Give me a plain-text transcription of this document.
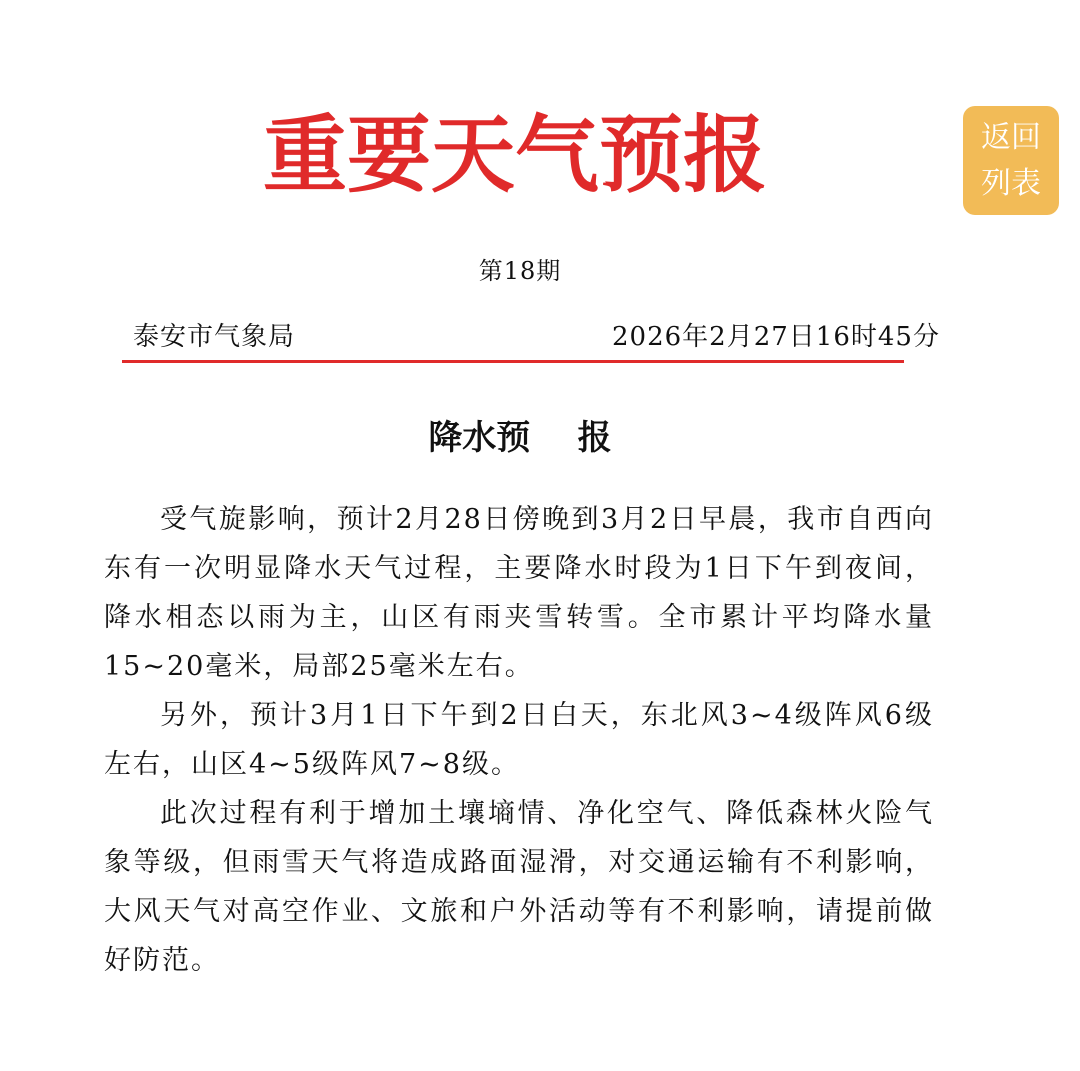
重要天气预报	返回
列表
第18期
泰安市气象局	2026年2月27日16时45分
降水预    报

受气旋影响，预计2月28日傍晚到3月2日早晨，我市自西向东有一次明显降水天气过程，主要降水时段为1日下午到夜间，降水相态以雨为主，山区有雨夹雪转雪。全市累计平均降水量15~20毫米，局部25毫米左右。

另外，预计3月1日下午到2日白天，东北风3~4级阵风6级左右，山区4~5级阵风7~8级。

此次过程有利于增加土壤墒情、净化空气、降低森林火险气象等级，但雨雪天气将造成路面湿滑，对交通运输有不利影响，大风天气对高空作业、文旅和户外活动等有不利影响，请提前做好防范。
